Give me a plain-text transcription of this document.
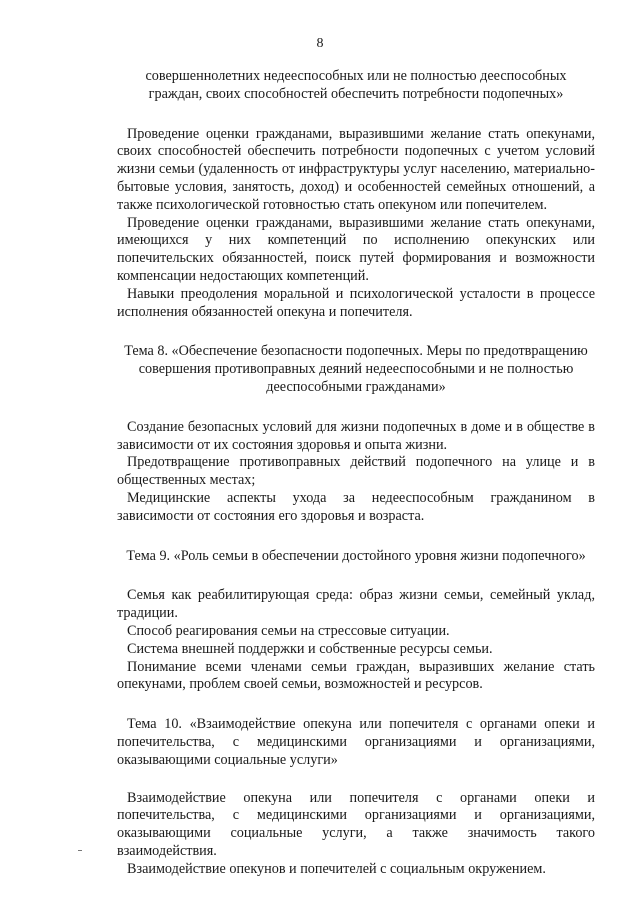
8

совершеннолетних недееспособных или не полностью дееспособных граждан, своих способностей обеспечить потребности подопечных»

Проведение оценки гражданами, выразившими желание стать опекунами, своих способностей обеспечить потребности подопечных с учетом условий жизни семьи (удаленность от инфраструктуры услуг населению, материально-бытовые условия, занятость, доход) и особенностей семейных отношений, а также психологической готовностью стать опекуном или попечителем.

Проведение оценки гражданами, выразившими желание стать опекунами, имеющихся у них компетенций по исполнению опекунских или попечительских обязанностей, поиск путей формирования и возможности компенсации недостающих компетенций.

Навыки преодоления моральной и психологической усталости в процессе исполнения обязанностей опекуна и попечителя.

Тема 8. «Обеспечение безопасности подопечных. Меры по предотвращению совершения противоправных деяний недееспособными и не полностью дееспособными гражданами»

Создание безопасных условий для жизни подопечных в доме и в обществе в зависимости от их состояния здоровья и опыта жизни.

Предотвращение противоправных действий подопечного на улице и в общественных местах;

Медицинские аспекты ухода за недееспособным гражданином в зависимости от состояния его здоровья и возраста.

Тема 9. «Роль семьи в обеспечении достойного уровня жизни подопечного»

Семья как реабилитирующая среда: образ жизни семьи, семейный уклад, традиции.

Способ реагирования семьи на стрессовые ситуации.

Система внешней поддержки и собственные ресурсы семьи.

Понимание всеми членами семьи граждан, выразивших желание стать опекунами, проблем своей семьи, возможностей и ресурсов.

Тема 10. «Взаимодействие опекуна или попечителя с органами опеки и попечительства, с медицинскими организациями и организациями, оказывающими социальные услуги»

Взаимодействие опекуна или попечителя с органами опеки и попечительства, с медицинскими организациями и организациями, оказывающими социальные услуги, а также значимость такого взаимодействия.

Взаимодействие опекунов и попечителей с социальным окружением.
